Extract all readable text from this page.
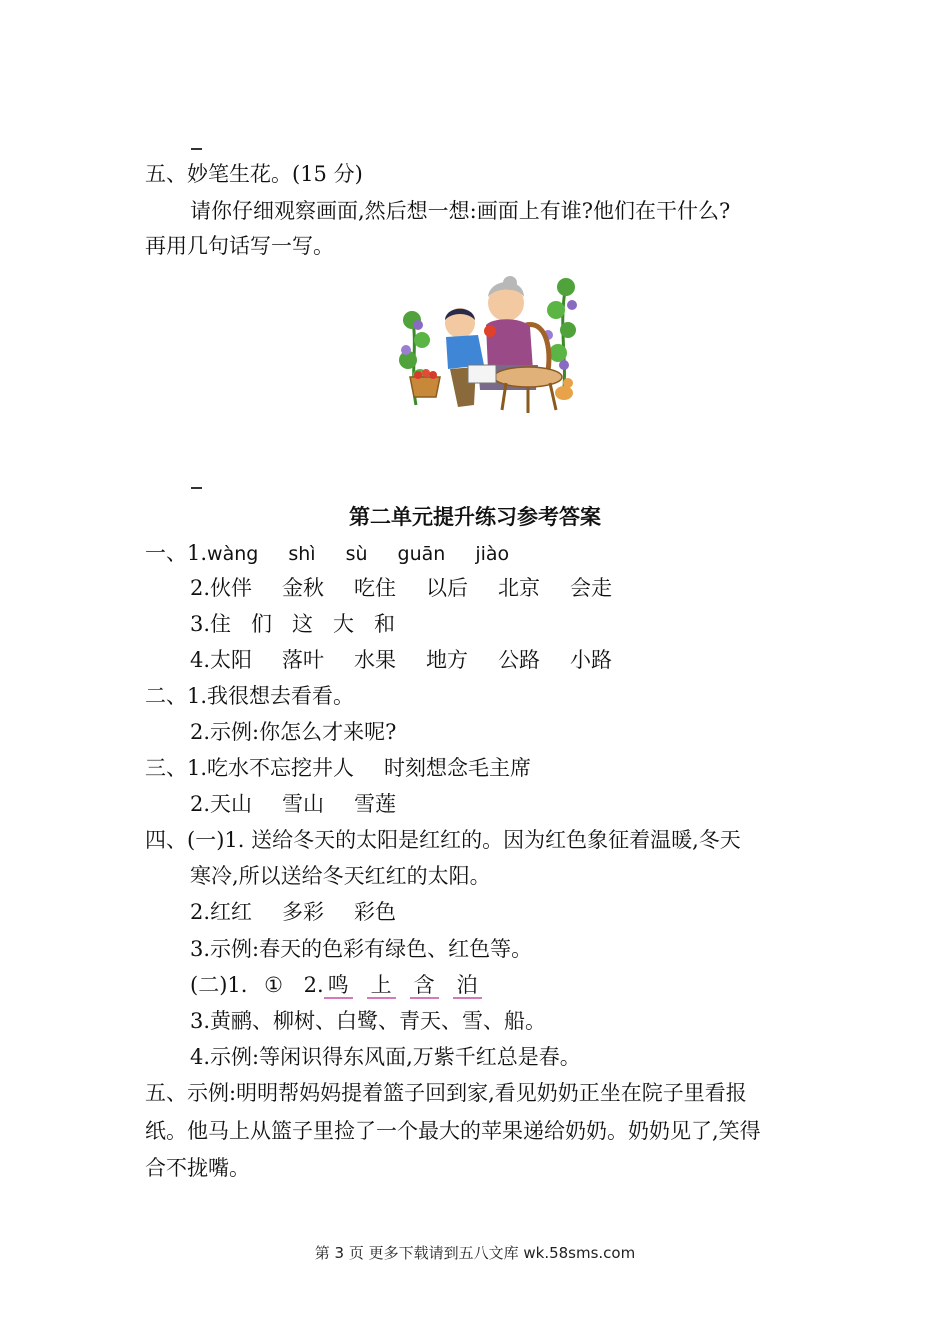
五、妙笔生花。(15 分)
请你仔细观察画面,然后想一想:画面上有谁?他们在干什么?
再用几句话写一写。
第二单元提升练习参考答案
一、1.wàng shì sù guān jiào
2.伙伴 金秋 吃住 以后 北京 会走
3.住 们 这 大 和
4.太阳 落叶 水果 地方 公路 小路
二、1.我很想去看看。
2.示例:你怎么才来呢?
三、1.吃水不忘挖井人 时刻想念毛主席
2.天山 雪山 雪莲
四、(一)1. 送给冬天的太阳是红红的。因为红色象征着温暖,冬天
寒冷,所以送给冬天红红的太阳。
2.红红 多彩 彩色
3.示例:春天的色彩有绿色、红色等。
(二)1. ① 2. 鸣 上 含 泊
3.黄鹂、柳树、白鹭、青天、雪、船。
4.示例:等闲识得东风面,万紫千红总是春。
五、示例:明明帮妈妈提着篮子回到家,看见奶奶正坐在院子里看报
纸。他马上从篮子里捡了一个最大的苹果递给奶奶。奶奶见了,笑得
合不拢嘴。
第 3 页 更多下载请到五八文库 wk.58sms.com
